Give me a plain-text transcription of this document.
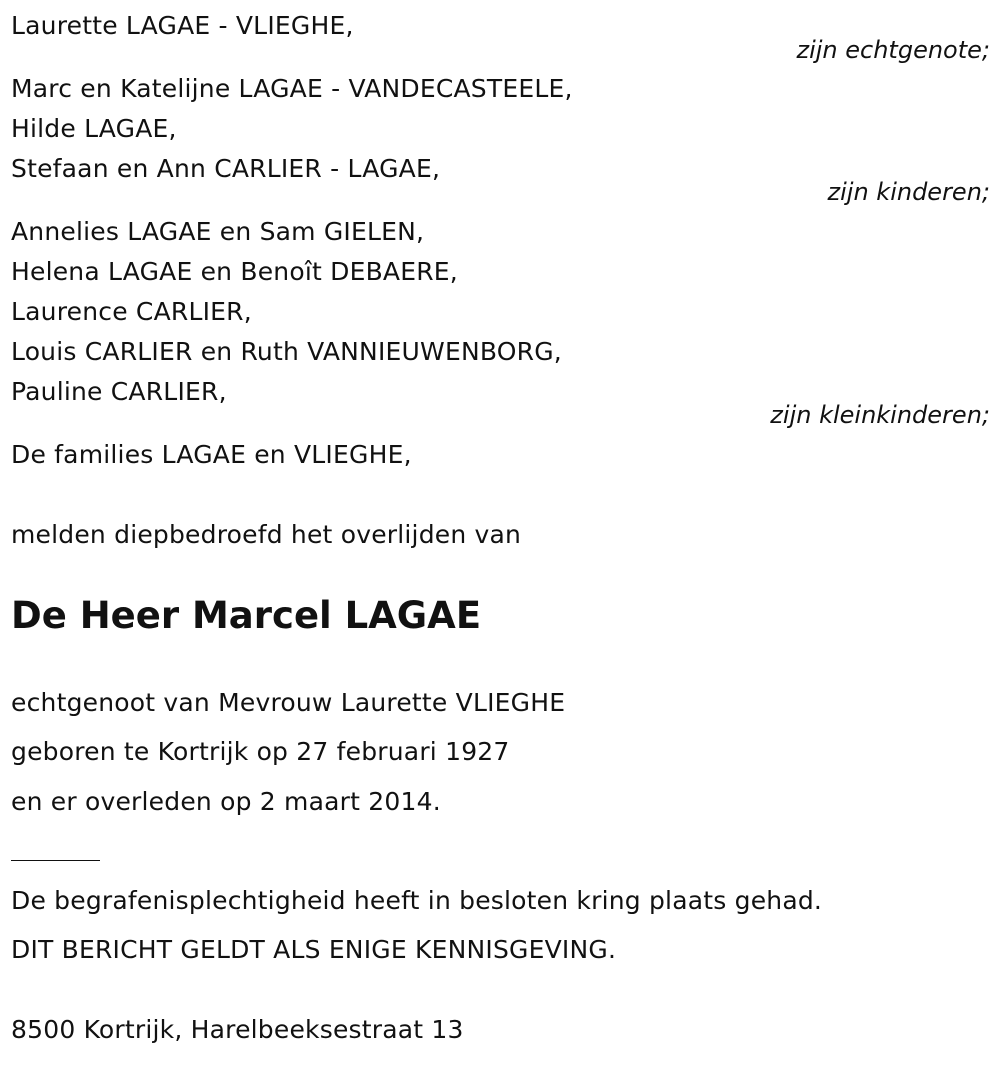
Laurette LAGAE - VLIEGHE,
zijn echtgenote;
Marc en Katelijne LAGAE - VANDECASTEELE,
Hilde LAGAE,
Stefaan en Ann CARLIER - LAGAE,
zijn kinderen;
Annelies LAGAE en Sam GIELEN,
Helena LAGAE en Benoît DEBAERE,
Laurence CARLIER,
Louis CARLIER en Ruth VANNIEUWENBORG,
Pauline CARLIER,
zijn kleinkinderen;
De families LAGAE en VLIEGHE,
melden diepbedroefd het overlijden van
De Heer Marcel LAGAE
echtgenoot van Mevrouw Laurette VLIEGHE
geboren te Kortrijk op 27 februari 1927
en er overleden op 2 maart 2014.
De begrafenisplechtigheid heeft in besloten kring plaats gehad.
DIT BERICHT GELDT ALS ENIGE KENNISGEVING.
8500 Kortrijk, Harelbeeksestraat 13
